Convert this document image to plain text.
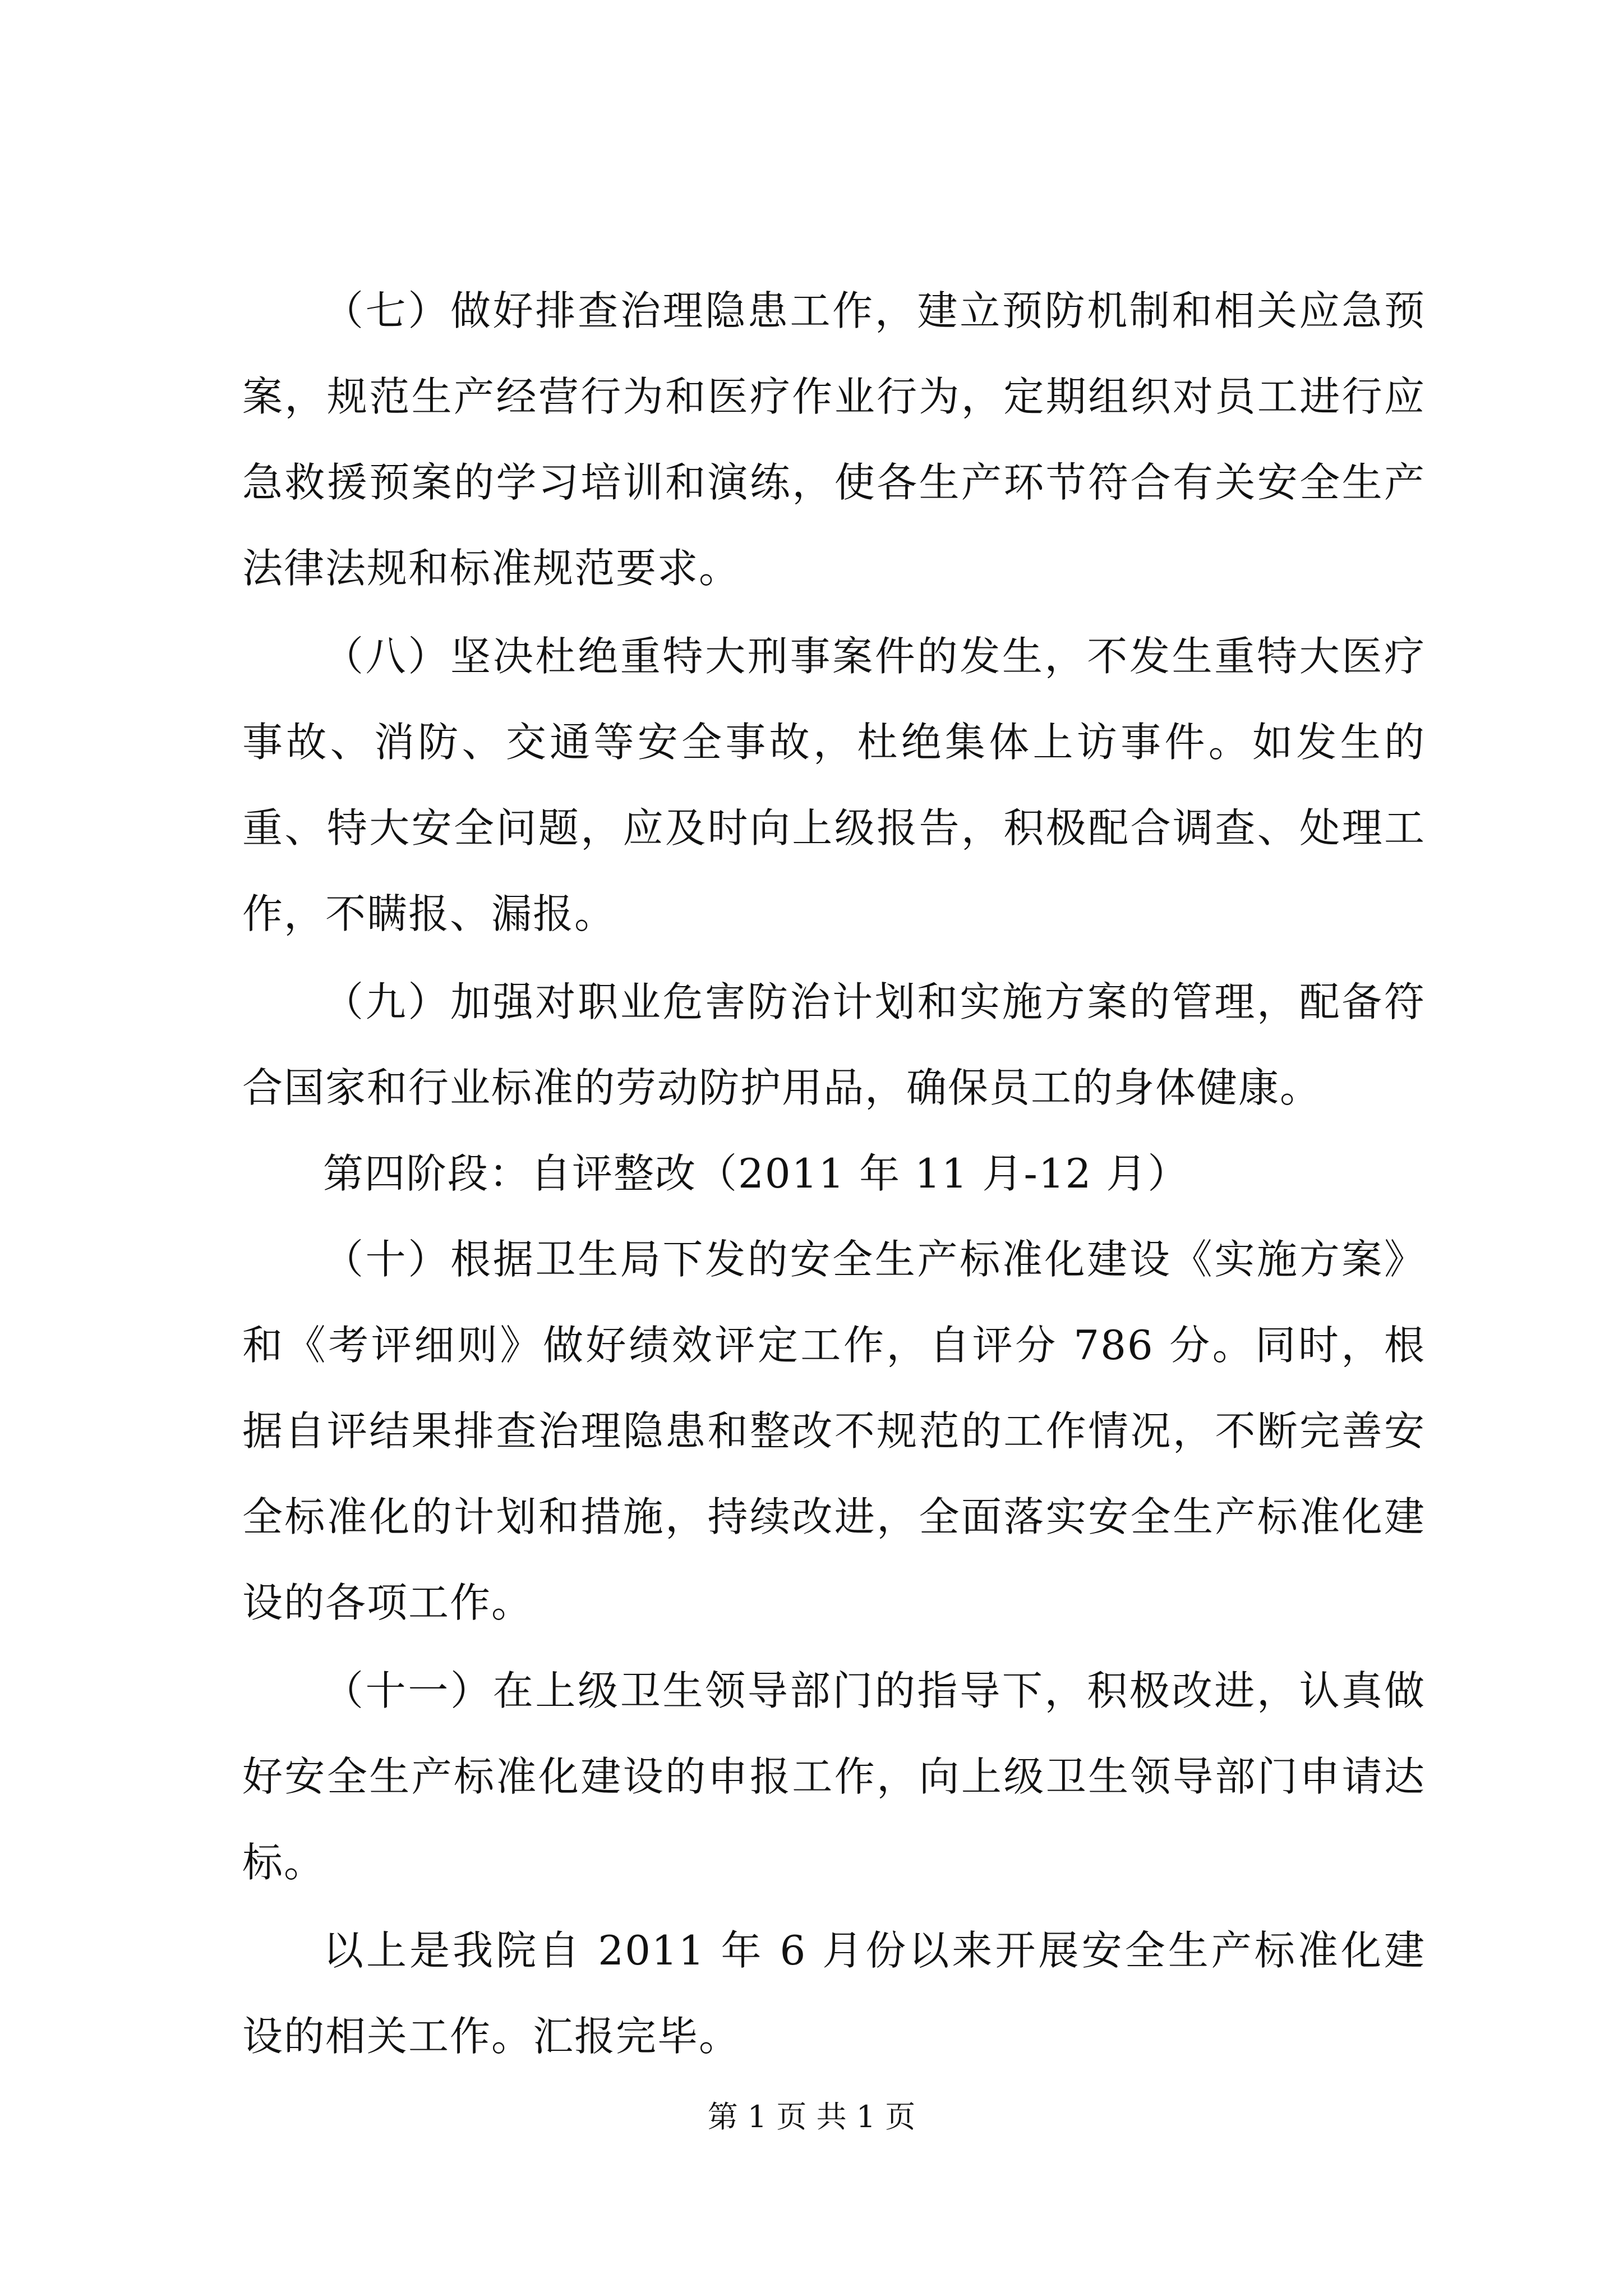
（七）做好排查治理隐患工作，建立预防机制和相关应急预案，规范生产经营行为和医疗作业行为，定期组织对员工进行应急救援预案的学习培训和演练，使各生产环节符合有关安全生产法律法规和标准规范要求。

（八）坚决杜绝重特大刑事案件的发生，不发生重特大医疗事故、消防、交通等安全事故，杜绝集体上访事件。如发生的重、特大安全问题，应及时向上级报告，积极配合调查、处理工作，不瞒报、漏报。

（九）加强对职业危害防治计划和实施方案的管理，配备符合国家和行业标准的劳动防护用品，确保员工的身体健康。

第四阶段：自评整改（2011 年 11 月-12 月）

（十）根据卫生局下发的安全生产标准化建设《实施方案》和《考评细则》做好绩效评定工作，自评分 786 分。同时，根据自评结果排查治理隐患和整改不规范的工作情况，不断完善安全标准化的计划和措施，持续改进，全面落实安全生产标准化建设的各项工作。

（十一）在上级卫生领导部门的指导下，积极改进，认真做好安全生产标准化建设的申报工作，向上级卫生领导部门申请达标。

以上是我院自 2011 年 6 月份以来开展安全生产标准化建设的相关工作。汇报完毕。

第 1 页 共 1 页
